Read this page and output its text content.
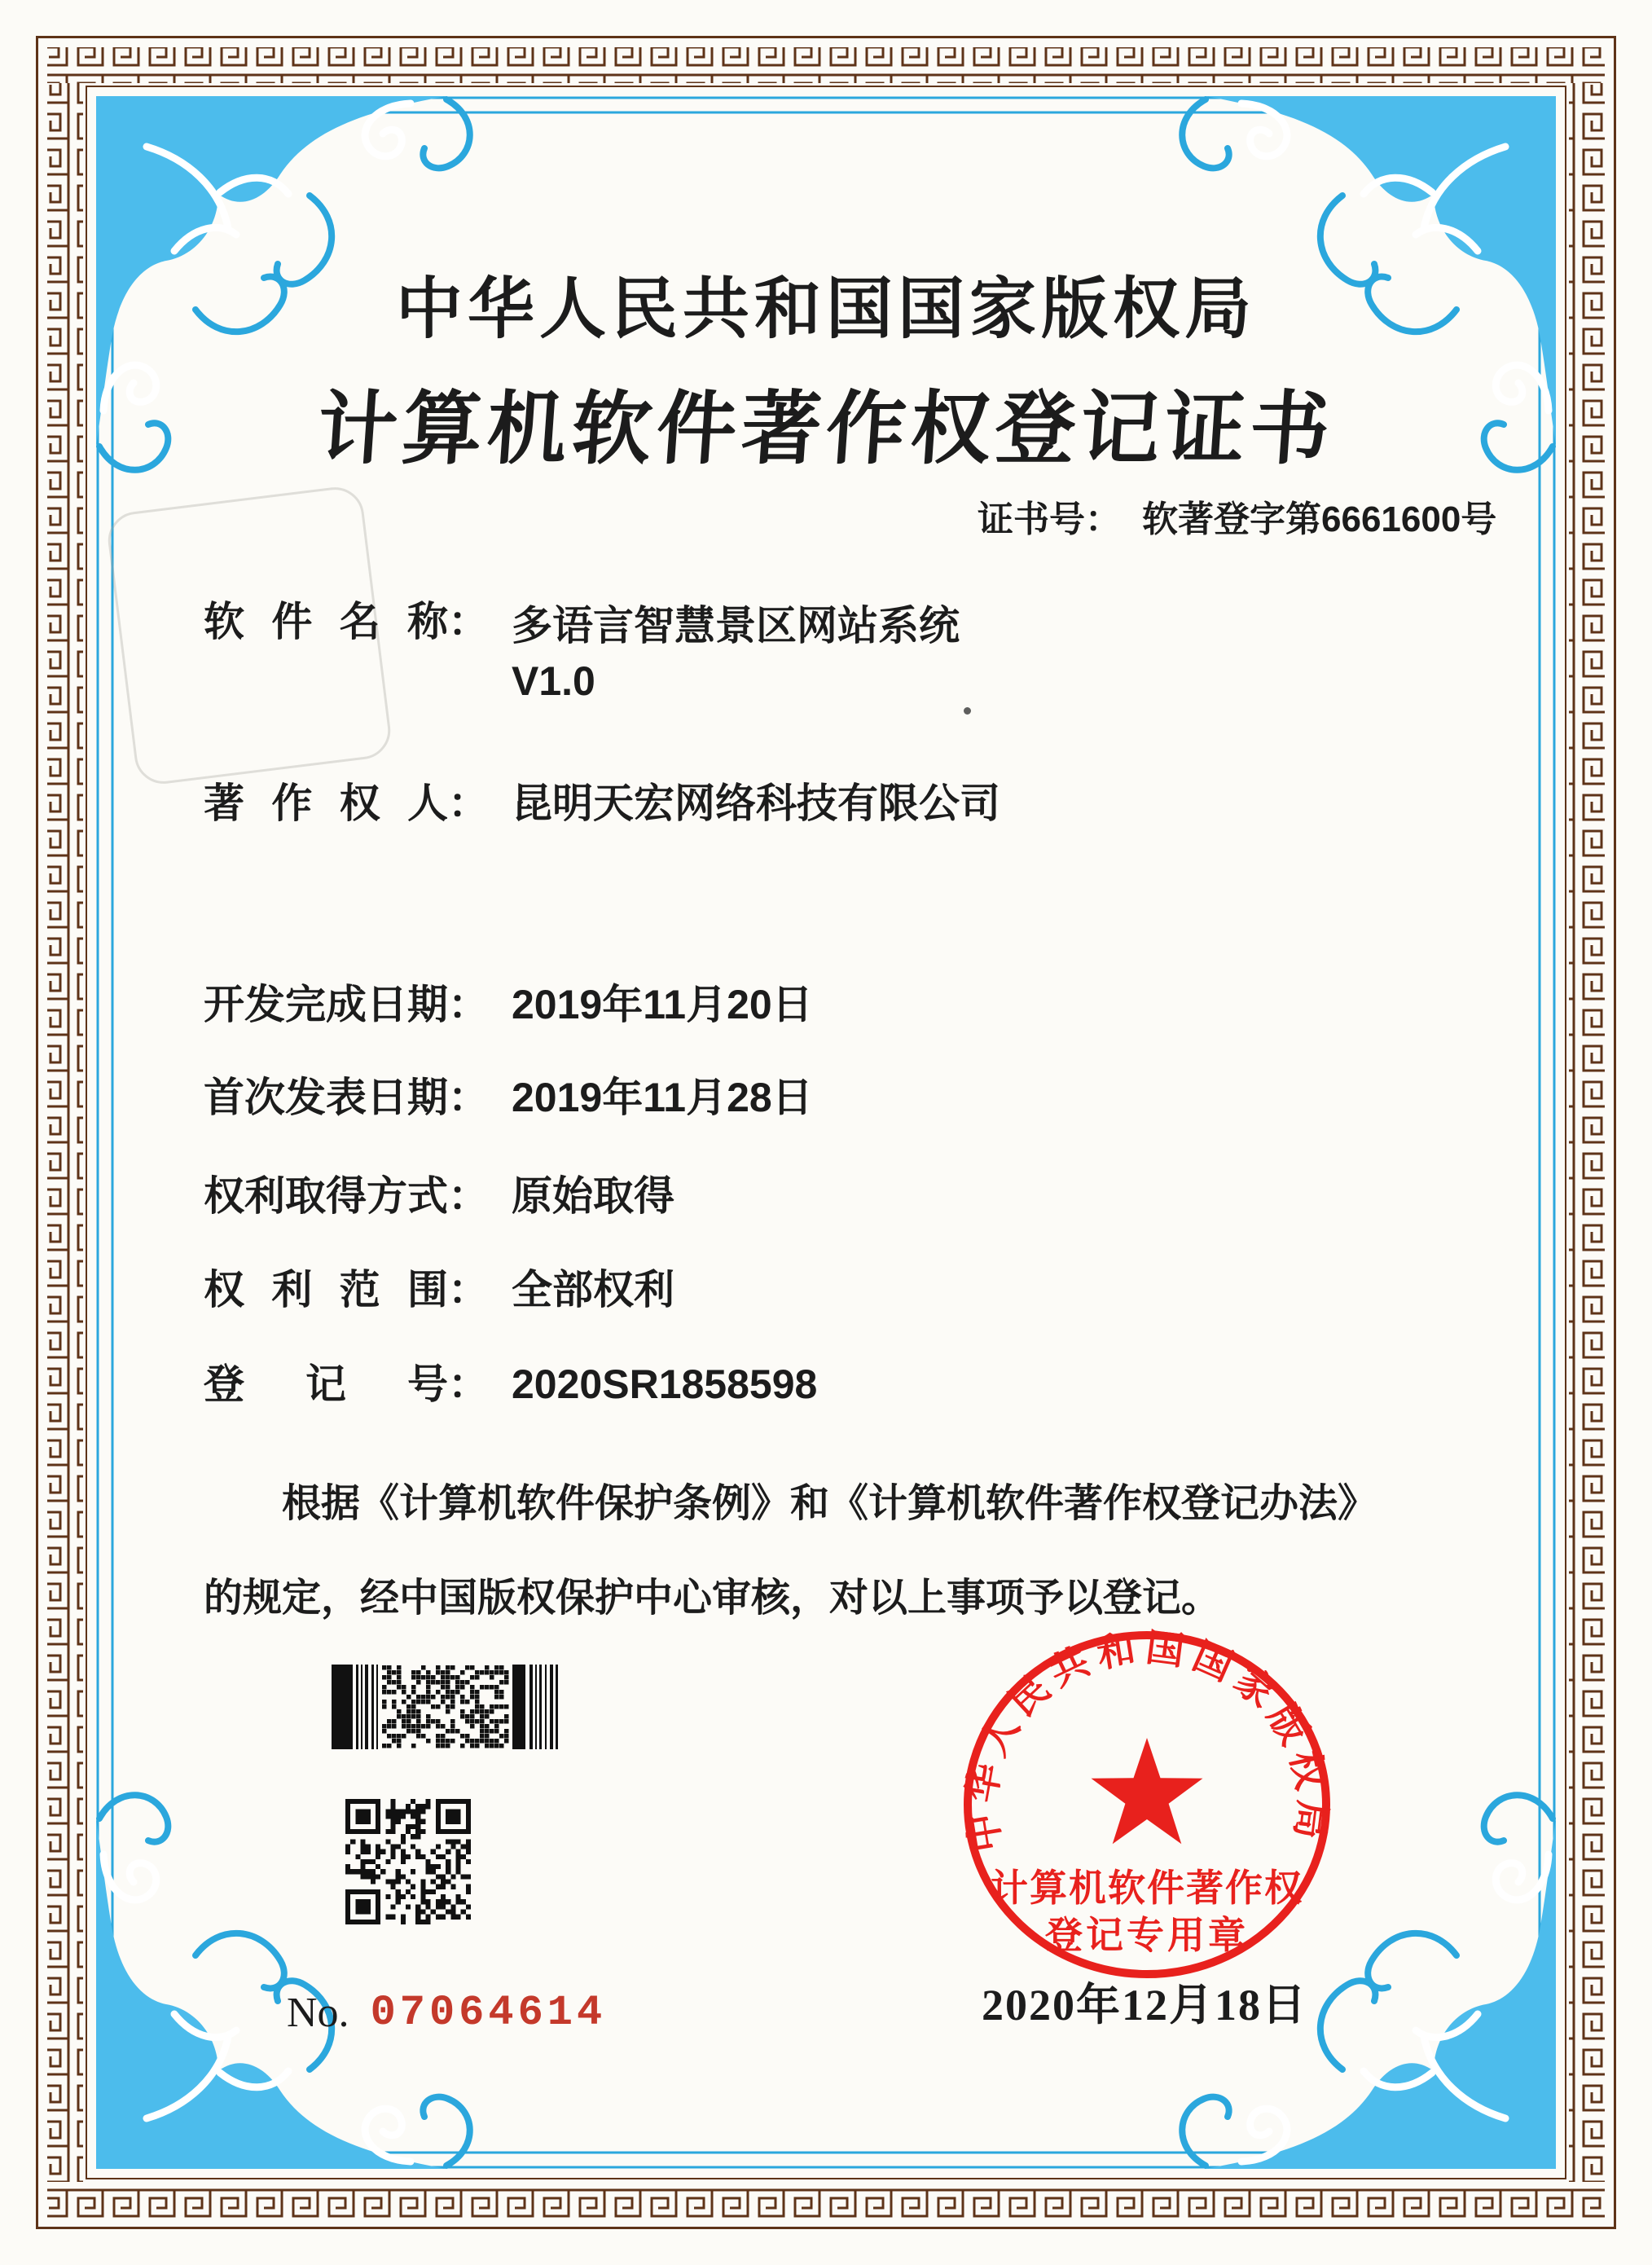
中华人民共和国国家版权局
计算机软件著作权登记证书
证书号： 软著登字第6661600号
软件名称 ： 多语言智慧景区网站系统
V1.0
著作权人 ： 昆明天宏网络科技有限公司
开发完成日期 ： 2019年11月20日
首次发表日期 ： 2019年11月28日
权利取得方式 ： 原始取得
权利范围 ： 全部权利
登记号 ： 2020SR1858598
根据《计算机软件保护条例》和《计算机软件著作权登记办法》的规定，经中国版权保护中心审核，对以上事项予以登记。
No. 07064614
中华人民共和国国家版权局
计算机软件著作权
登记专用章
2020年12月18日
